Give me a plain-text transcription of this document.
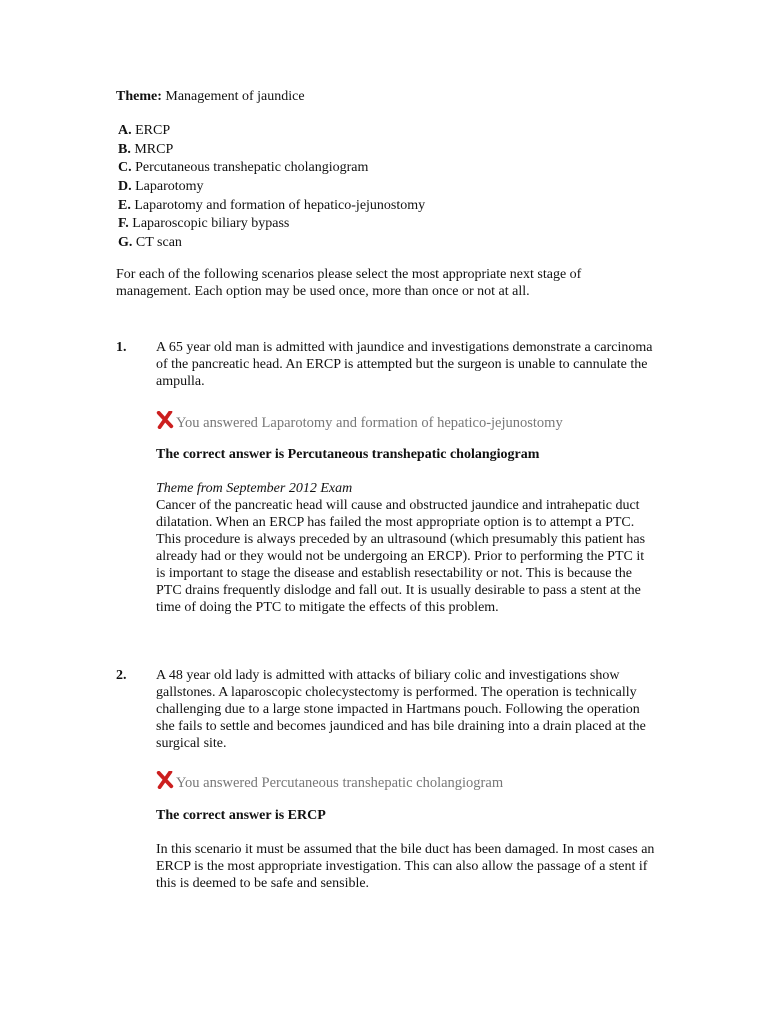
Theme: Management of jaundice
A. ERCP
B. MRCP
C. Percutaneous transhepatic cholangiogram
D. Laparotomy
E. Laparotomy and formation of hepatico-jejunostomy
F. Laparoscopic biliary bypass
G. CT scan

For each of the following scenarios please select the most appropriate next stage of management. Each option may be used once, more than once or not at all.

1. A 65 year old man is admitted with jaundice and investigations demonstrate a carcinoma of the pancreatic head. An ERCP is attempted but the surgeon is unable to cannulate the ampulla.

You answered Laparotomy and formation of hepatico-jejunostomy
The correct answer is Percutaneous transhepatic cholangiogram
Theme from September 2012 Exam
Cancer of the pancreatic head will cause and obstructed jaundice and intrahepatic duct dilatation. When an ERCP has failed the most appropriate option is to attempt a PTC. This procedure is always preceded by an ultrasound (which presumably this patient has already had or they would not be undergoing an ERCP). Prior to performing the PTC it is important to stage the disease and establish resectability or not. This is because the PTC drains frequently dislodge and fall out. It is usually desirable to pass a stent at the time of doing the PTC to mitigate the effects of this problem.
2. A 48 year old lady is admitted with attacks of biliary colic and investigations show gallstones. A laparoscopic cholecystectomy is performed. The operation is technically challenging due to a large stone impacted in Hartmans pouch. Following the operation she fails to settle and becomes jaundiced and has bile draining into a drain placed at the surgical site.

You answered Percutaneous transhepatic cholangiogram
The correct answer is ERCP
In this scenario it must be assumed that the bile duct has been damaged. In most cases an ERCP is the most appropriate investigation. This can also allow the passage of a stent if this is deemed to be safe and sensible.
